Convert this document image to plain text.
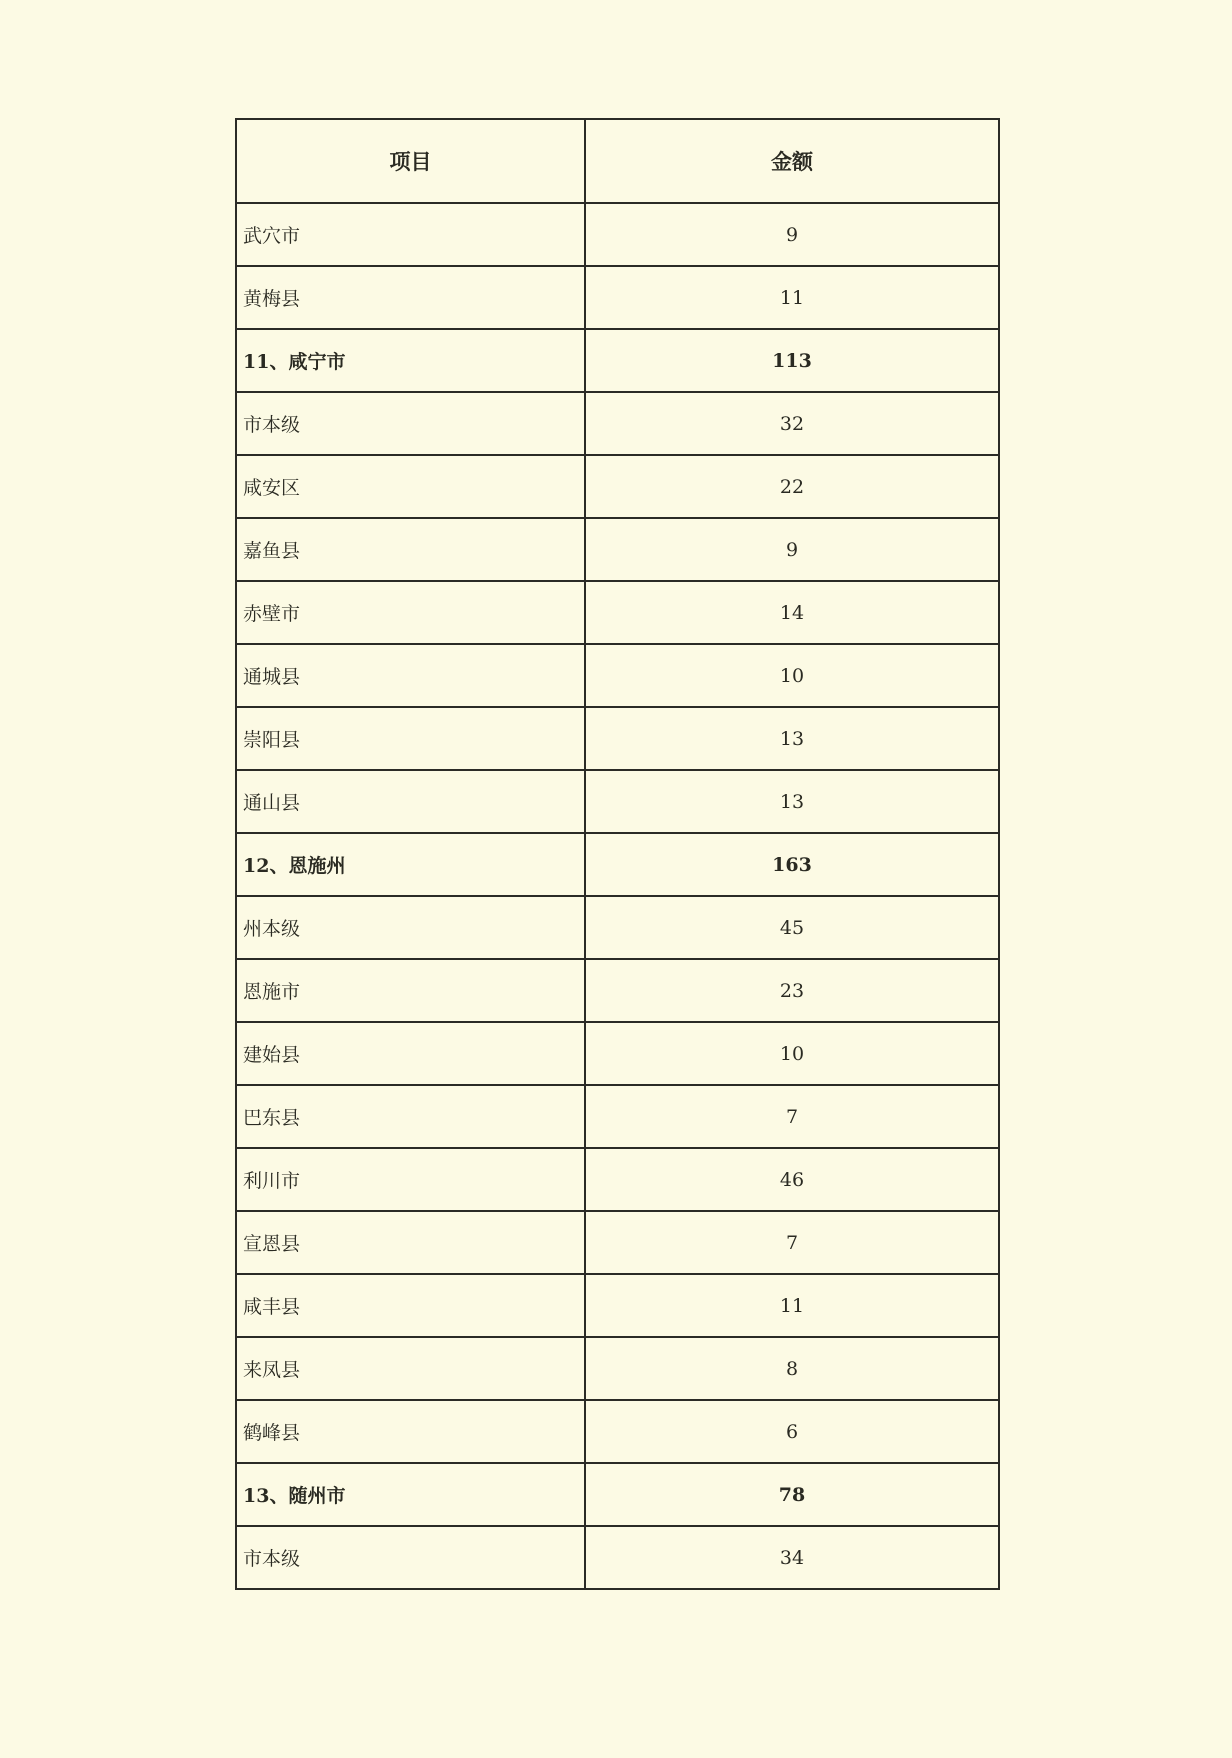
项目	金额
武穴市	9
黄梅县	11
11、咸宁市	113
市本级	32
咸安区	22
嘉鱼县	9
赤壁市	14
通城县	10
崇阳县	13
通山县	13
12、恩施州	163
州本级	45
恩施市	23
建始县	10
巴东县	7
利川市	46
宣恩县	7
咸丰县	11
来凤县	8
鹤峰县	6
13、随州市	78
市本级	34
